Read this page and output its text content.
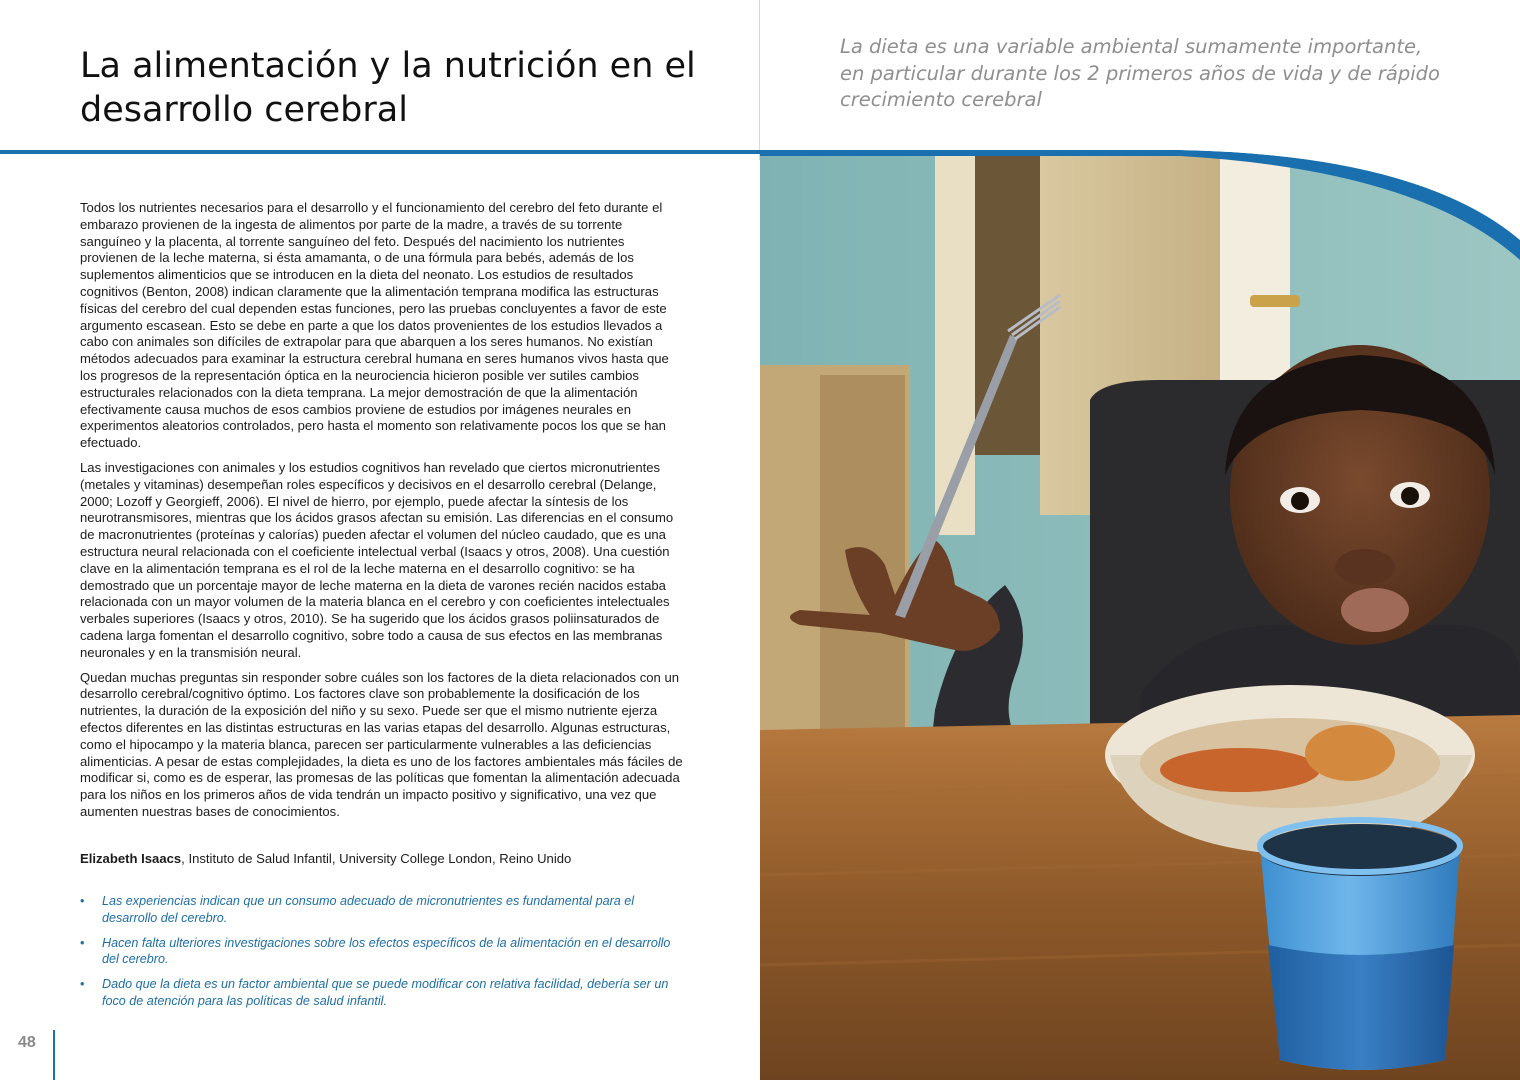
La alimentación y la nutrición en el desarrollo cerebral
La dieta es una variable ambiental sumamente importante, en particular durante los 2 primeros años de vida y de rápido crecimiento cerebral

Todos los nutrientes necesarios para el desarrollo y el funcionamiento del cerebro del feto durante el embarazo provienen de la ingesta de alimentos por parte de la madre, a través de su torrente sanguíneo y la placenta, al torrente sanguíneo del feto. Después del nacimiento los nutrientes provienen de la leche materna, si ésta amamanta, o de una fórmula para bebés, además de los suplementos alimenticios que se introducen en la dieta del neonato. Los estudios de resultados cognitivos (Benton, 2008) indican claramente que la alimentación temprana modifica las estructuras físicas del cerebro del cual dependen estas funciones, pero las pruebas concluyentes a favor de este argumento escasean. Esto se debe en parte a que los datos provenientes de los estudios llevados a cabo con animales son difíciles de extrapolar para que abarquen a los seres humanos. No existían métodos adecuados para examinar la estructura cerebral humana en seres humanos vivos hasta que los progresos de la representación óptica en la neurociencia hicieron posible ver sutiles cambios estructurales relacionados con la dieta temprana. La mejor demostración de que la alimentación efectivamente causa muchos de esos cambios proviene de estudios por imágenes neurales en experimentos aleatorios controlados, pero hasta el momento son relativamente pocos los que se han efectuado.

Las investigaciones con animales y los estudios cognitivos han revelado que ciertos micronutrientes (metales y vitaminas) desempeñan roles específicos y decisivos en el desarrollo cerebral (Delange, 2000; Lozoff y Georgieff, 2006). El nivel de hierro, por ejemplo, puede afectar la síntesis de los neurotransmisores, mientras que los ácidos grasos afectan su emisión. Las diferencias en el consumo de macronutrientes (proteínas y calorías) pueden afectar el volumen del núcleo caudado, que es una estructura neural relacionada con el coeficiente intelectual verbal (Isaacs y otros, 2008). Una cuestión clave en la alimentación temprana es el rol de la leche materna en el desarrollo cognitivo: se ha demostrado que un porcentaje mayor de leche materna en la dieta de varones recién nacidos estaba relacionada con un mayor volumen de la materia blanca en el cerebro y con coeficientes intelectuales verbales superiores (Isaacs y otros, 2010). Se ha sugerido que los ácidos grasos poliinsaturados de cadena larga fomentan el desarrollo cognitivo, sobre todo a causa de sus efectos en las membranas neuronales y en la transmisión neural.

Quedan muchas preguntas sin responder sobre cuáles son los factores de la dieta relacionados con un desarrollo cerebral/cognitivo óptimo. Los factores clave son probablemente la dosificación de los nutrientes, la duración de la exposición del niño y su sexo. Puede ser que el mismo nutriente ejerza efectos diferentes en las distintas estructuras en las varias etapas del desarrollo. Algunas estructuras, como el hipocampo y la materia blanca, parecen ser particularmente vulnerables a las deficiencias alimenticias. A pesar de estas complejidades, la dieta es uno de los factores ambientales más fáciles de modificar si, como es de esperar, las promesas de las políticas que fomentan la alimentación adecuada para los niños en los primeros años de vida tendrán un impacto positivo y significativo, una vez que aumenten nuestras bases de conocimientos.

Elizabeth Isaacs, Instituto de Salud Infantil, University College London, Reino Unido
• Las experiencias indican que un consumo adecuado de micronutrientes es fundamental para el desarrollo del cerebro.
• Hacen falta ulteriores investigaciones sobre los efectos específicos de la alimentación en el desarrollo del cerebro.
• Dado que la dieta es un factor ambiental que se puede modificar con relativa facilidad, debería ser un foco de atención para las políticas de salud infantil.
48
